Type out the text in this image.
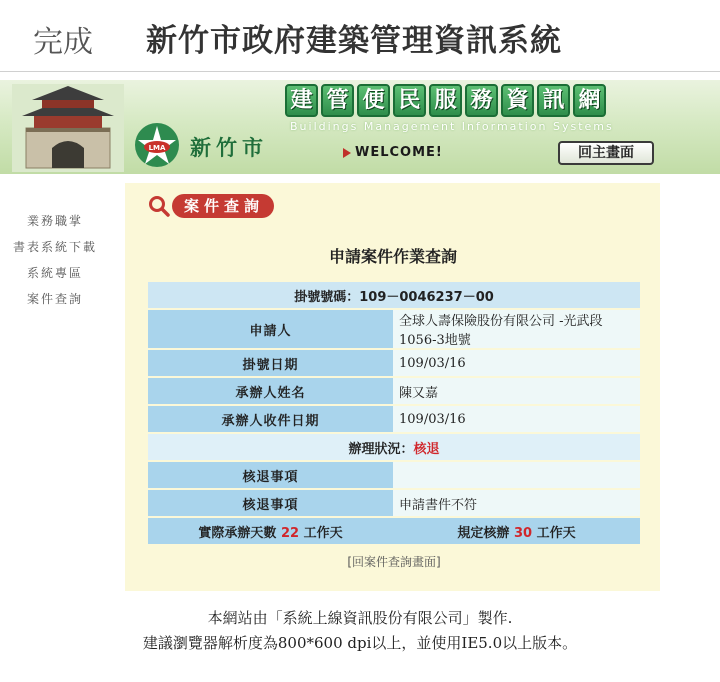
完成 新竹市政府建築管理資訊系統
LMA 新竹市
建 管 便 民 服 務 資 訊 網
Buildings Management Information Systems
WELCOME!	回主畫面
業務職掌
書表系統下載
系統專區
案件查詢
案件查詢
申請案件作業查詢
掛號號碼：109－0046237－00	
申請人	全球人壽保險股份有限公司 -光武段1056-3地號
掛號日期	109/03/16
承辦人姓名	陳又嘉
承辦人收件日期	109/03/16
辦理狀況：核退	
核退事項	
核退事項	申請書件不符
實際承辦天數 22 工作天	規定核辦 30 工作天
[回案件查詢畫面]
本網站由「系統上線資訊股份有限公司」製作.
建議瀏覽器解析度為800*600 dpi以上，並使用IE5.0以上版本。
